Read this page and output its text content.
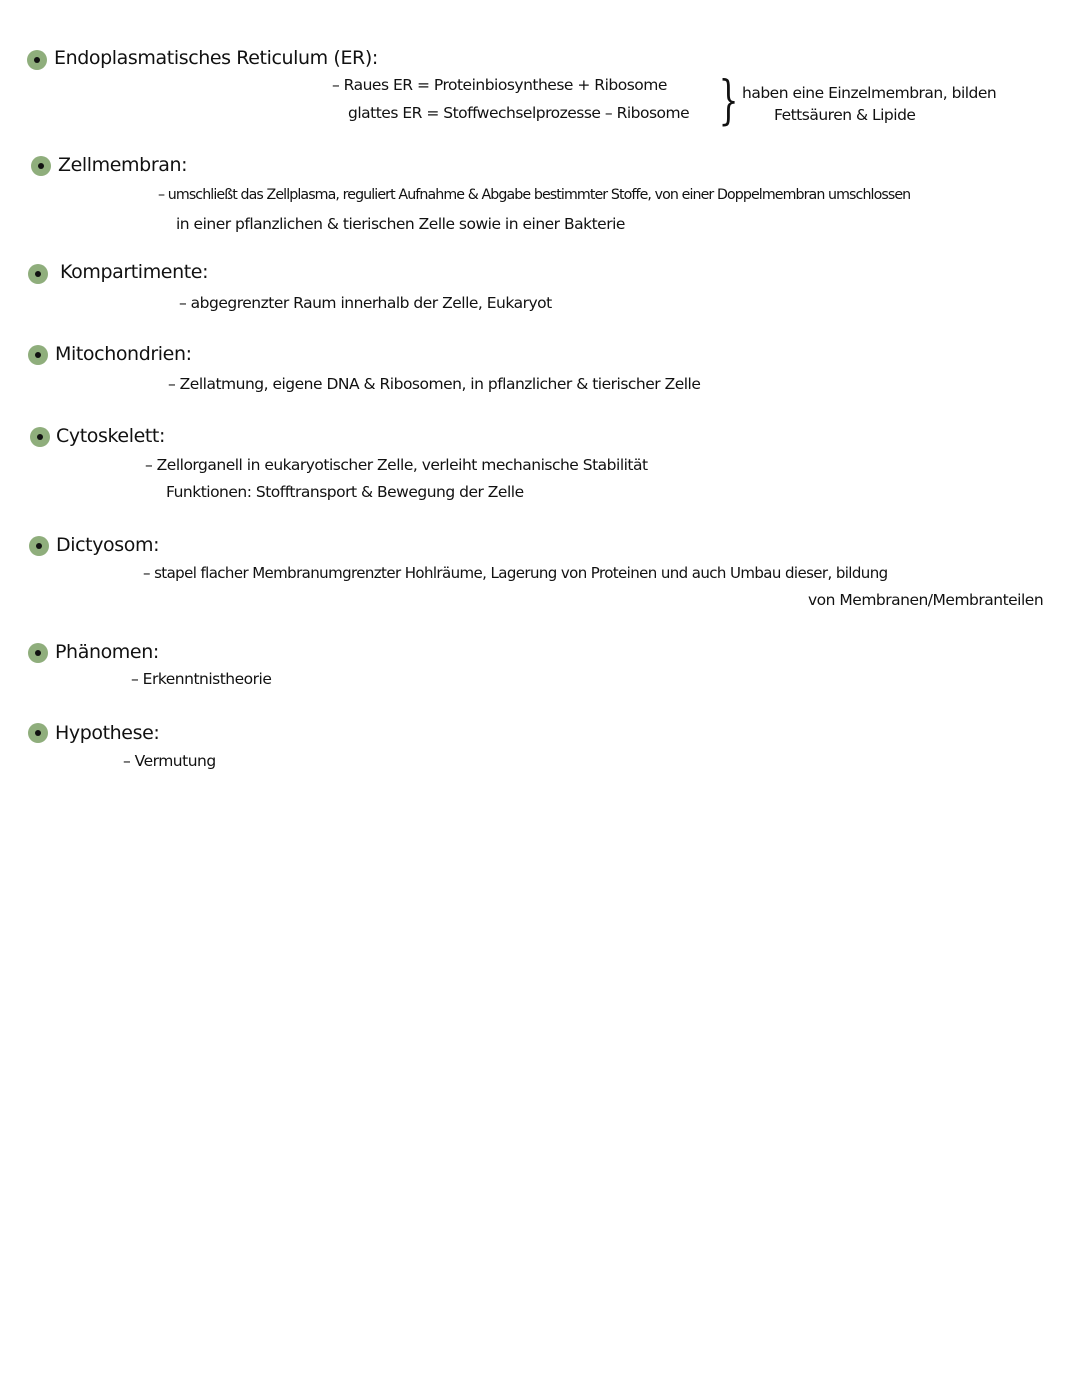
Endoplasmatisches Reticulum (ER):
– Raues ER = Proteinbiosynthese + Ribosome
glattes ER = Stoffwechselprozesse – Ribosome } haben eine Einzelmembran, bilden
Fettsäuren & Lipide
Zellmembran:
– umschließt das Zellplasma, reguliert Aufnahme & Abgabe bestimmter Stoffe, von einer Doppelmembran umschlossen
in einer pflanzlichen & tierischen Zelle sowie in einer Bakterie
Kompartimente:
– abgegrenzter Raum innerhalb der Zelle, Eukaryot
Mitochondrien:
– Zellatmung, eigene DNA & Ribosomen, in pflanzlicher & tierischer Zelle
Cytoskelett:
– Zellorganell in eukaryotischer Zelle, verleiht mechanische Stabilität
Funktionen: Stofftransport & Bewegung der Zelle
Dictyosom:
– stapel flacher Membranumgrenzter Hohlräume, Lagerung von Proteinen und auch Umbau dieser, bildung
von Membranen/Membranteilen
Phänomen:
– Erkenntnistheorie
Hypothese:
– Vermutung
